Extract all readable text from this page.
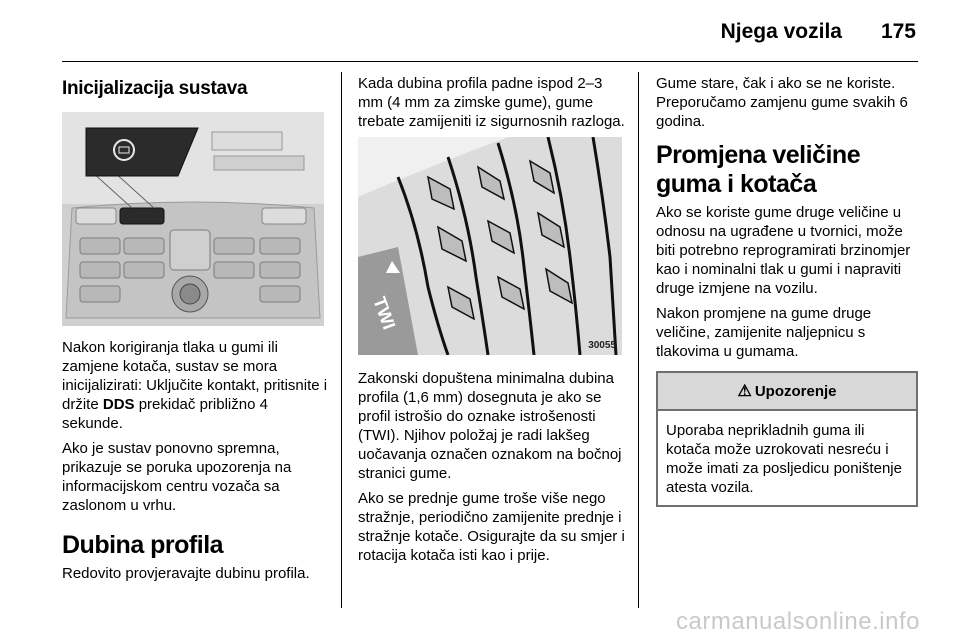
Njega vozila 175
Inicijalizacija sustava
Nakon korigiranja tlaka u gumi ili zamjene kotača, sustav se mora inicijalizirati: Uključite kontakt, pritisnite i držite DDS prekidač približno 4 sekunde.
Ako je sustav ponovno spremna, prikazuje se poruka upozorenja na informacijskom centru vozača sa zaslonom u vrhu.
Dubina profila
Redovito provjeravajte dubinu profila.
Kada dubina profila padne ispod 2–3 mm (4 mm za zimske gume), gume trebate zamijeniti iz sigurnosnih razloga.
TWI
30055
Zakonski dopuštena minimalna dubina profila (1,6 mm) dosegnuta je ako se profil istrošio do oznake istrošenosti (TWI). Njihov položaj je radi lakšeg uočavanja označen oznakom na bočnoj stranici gume.
Ako se prednje gume troše više nego stražnje, periodično zamijenite prednje i stražnje kotače. Osigurajte da su smjer i rotacija kotača isti kao i prije.
Gume stare, čak i ako se ne koriste. Preporučamo zamjenu gume svakih 6 godina.
Promjena veličine guma i kotača
Ako se koriste gume druge veličine u odnosu na ugrađene u tvornici, može biti potrebno reprogramirati brzinomjer kao i nominalni tlak u gumi i napraviti druge izmjene na vozilu.
Nakon promjene na gume druge veličine, zamijenite naljepnicu s tlakovima u gumama.
⚠ Upozorenje
Uporaba neprikladnih guma ili kotača može uzrokovati nesreću i može imati za posljedicu poništenje atesta vozila.
carmanualsonline.info
